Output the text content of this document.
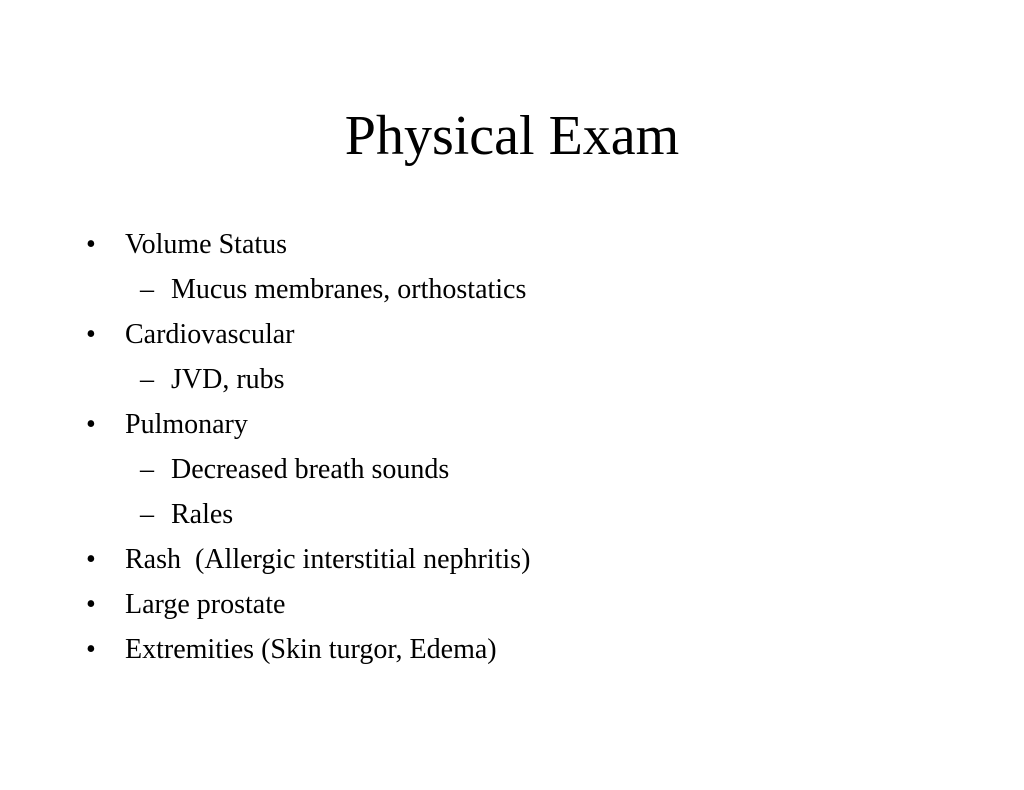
Physical Exam

•

Volume Status

–

Mucus membranes, orthostatics

•

Cardiovascular

–

JVD, rubs

•

Pulmonary

–

Decreased breath sounds

–

Rales

•

Rash  (Allergic interstitial nephritis)

•

Large prostate

•

Extremities (Skin turgor, Edema)
